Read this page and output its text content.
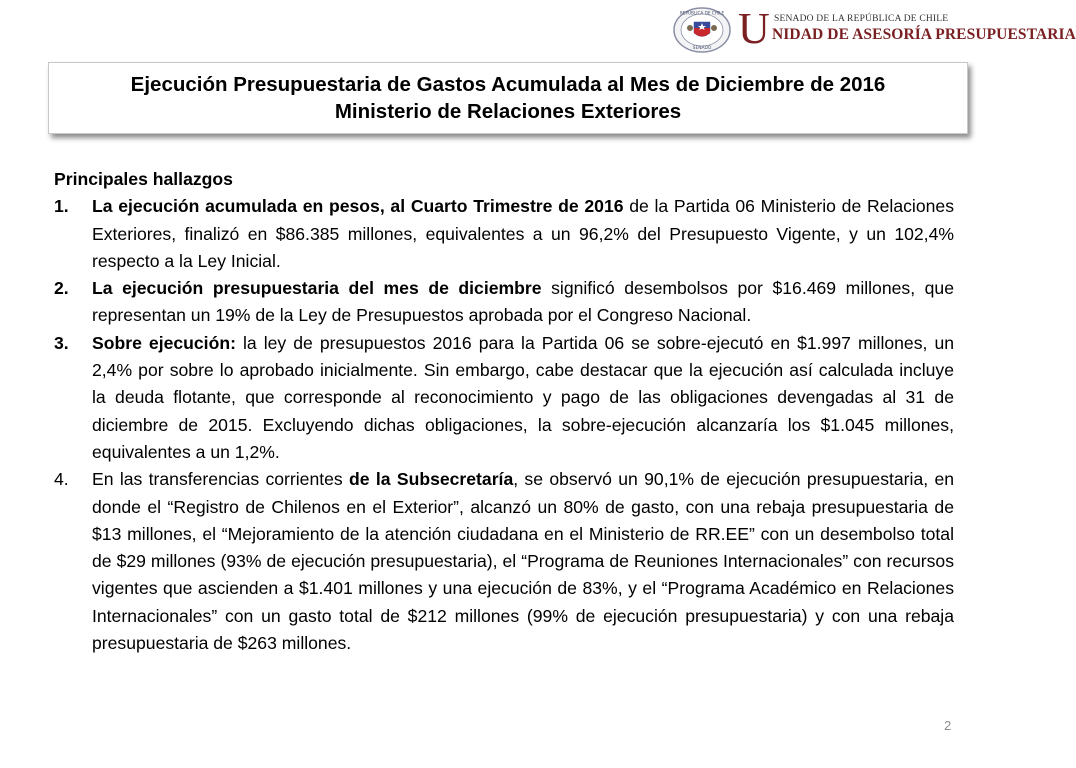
REPÚBLICA DE CHILE
SENADO U SENADO DE LA REPÚBLICA DE CHILE
NIDAD DE ASESORÍA PRESUPUESTARIA
Ejecución Presupuestaria de Gastos Acumulada al Mes de Diciembre de 2016
Ministerio de Relaciones Exteriores
Principales hallazgos
1. La ejecución acumulada en pesos, al Cuarto Trimestre de 2016 de la Partida 06 Ministerio de Relaciones Exteriores, finalizó en $86.385 millones, equivalentes a un 96,2% del Presupuesto Vigente, y un 102,4% respecto a la Ley Inicial.
2. La ejecución presupuestaria del mes de diciembre significó desembolsos por $16.469 millones, que representan un 19% de la Ley de Presupuestos aprobada por el Congreso Nacional.
3. Sobre ejecución: la ley de presupuestos 2016 para la Partida 06 se sobre-ejecutó en $1.997 millones, un 2,4% por sobre lo aprobado inicialmente. Sin embargo, cabe destacar que la ejecución así calculada incluye la deuda flotante, que corresponde al reconocimiento y pago de las obligaciones devengadas al 31 de diciembre de 2015. Excluyendo dichas obligaciones, la sobre-ejecución alcanzaría los $1.045 millones, equivalentes a un 1,2%.
4. En las transferencias corrientes de la Subsecretaría, se observó un 90,1% de ejecución presupuestaria, en donde el “Registro de Chilenos en el Exterior”, alcanzó un 80% de gasto, con una rebaja presupuestaria de $13 millones, el “Mejoramiento de la atención ciudadana en el Ministerio de RR.EE” con un desembolso total de $29 millones (93% de ejecución presupuestaria), el “Programa de Reuniones Internacionales” con recursos vigentes que ascienden a $1.401 millones y una ejecución de 83%, y el “Programa Académico en Relaciones Internacionales” con un gasto total de $212 millones (99% de ejecución presupuestaria) y con una rebaja presupuestaria de $263 millones.
2
